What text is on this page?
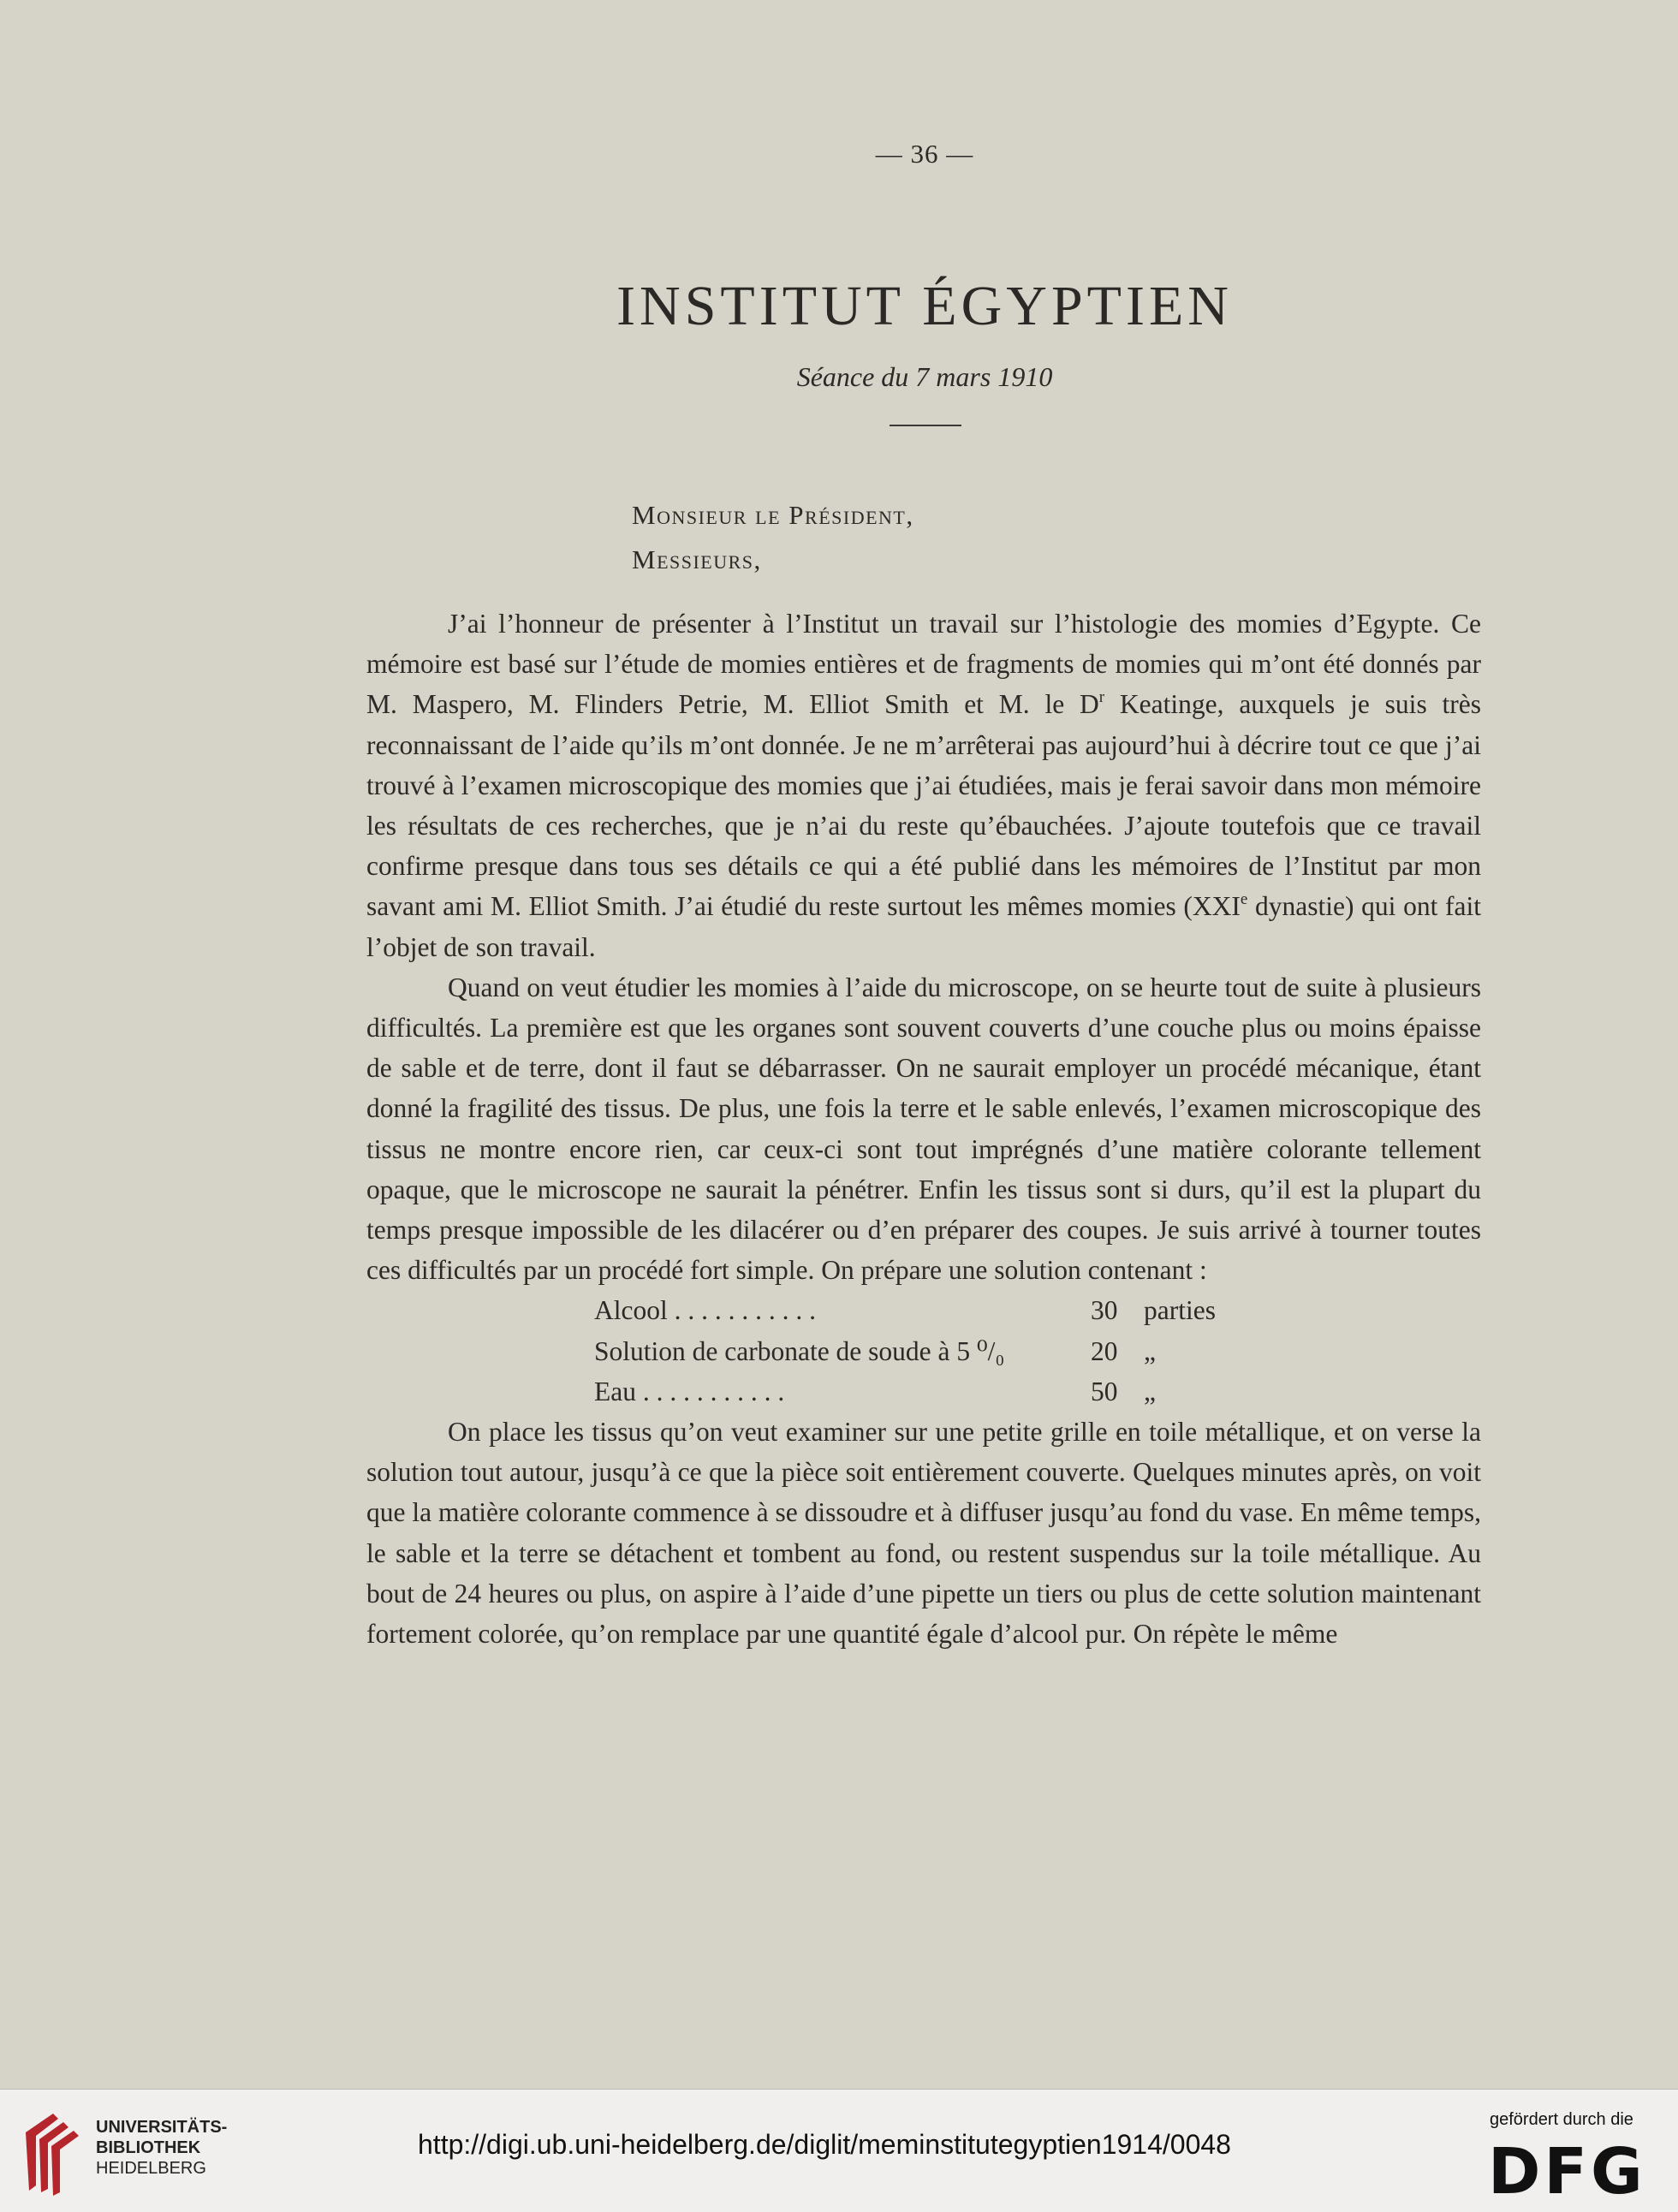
— 36 —
INSTITUT ÉGYPTIEN
Séance du 7 mars 1910
Monsieur le Président,
Messieurs,

J’ai l’honneur de présenter à l’Institut un travail sur l’histologie des momies d’Egypte. Ce mémoire est basé sur l’étude de momies entières et de fragments de momies qui m’ont été donnés par M. Maspero, M. Flinders Petrie, M. Elliot Smith et M. le $D^r$ Keatinge, auxquels je suis très reconnaissant de l’aide qu’ils m’ont donnée. Je ne m’arrêterai pas aujourd’hui à décrire tout ce que j’ai trouvé à l’examen microscopique des momies que j’ai étudiées, mais je ferai savoir dans mon mémoire les résultats de ces recherches, que je n’ai du reste qu’ébauchées. J’ajoute toutefois que ce travail confirme presque dans tous ses détails ce qui a été publié dans les mémoires de l’Institut par mon savant ami M. Elliot Smith. J’ai étudié du reste surtout les mêmes momies (XXIe dynastie) qui ont fait l’objet de son travail.

Quand on veut étudier les momies à l’aide du microscope, on se heurte tout de suite à plusieurs difficultés. La première est que les organes sont souvent couverts d’une couche plus ou moins épaisse de sable et de terre, dont il faut se débarrasser. On ne saurait employer un procédé mécanique, étant donné la fragilité des tissus. De plus, une fois la terre et le sable enlevés, l’examen microscopique des tissus ne montre encore rien, car ceux-ci sont tout imprégnés d’une matière colorante tellement opaque, que le microscope ne saurait la pénétrer. Enfin les tissus sont si durs, qu’il est la plupart du temps presque impossible de les dilacérer ou d’en préparer des coupes. Je suis arrivé à tourner toutes ces difficultés par un procédé fort simple. On prépare une solution contenant :

Alcool . . . . . . . . . . .	30 parties
Solution de carbonate de soude à 5 ⁰/₀	20 „
Eau . . . . . . . . . . .	50 „

On place les tissus qu’on veut examiner sur une petite grille en toile métallique, et on verse la solution tout autour, jusqu’à ce que la pièce soit entièrement couverte. Quelques minutes après, on voit que la matière colorante commence à se dissoudre et à diffuser jusqu’au fond du vase. En même temps, le sable et la terre se détachent et tombent au fond, ou restent suspendus sur la toile métallique. Au bout de 24 heures ou plus, on aspire à l’aide d’une pipette un tiers ou plus de cette solution maintenant fortement colorée, qu’on remplace par une quantité égale d’alcool pur. On répète le même

UNIVERSITÄTS-
BIBLIOTHEK
HEIDELBERG
http://digi.ub.uni-heidelberg.de/diglit/meminstitutegyptien1914/0048
gefördert durch die
DFG
